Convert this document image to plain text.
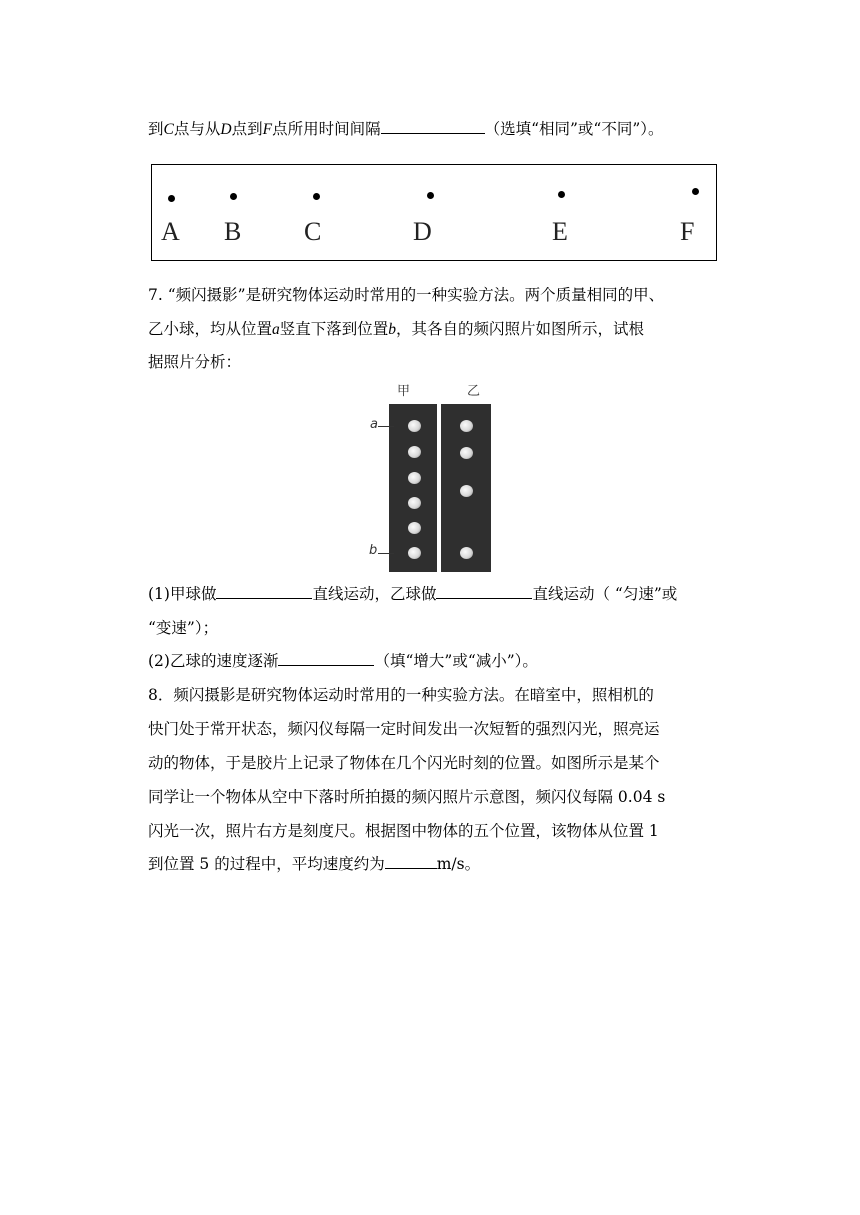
到C点与从D点到F点所用时间间隔	（选填“相同”或“不同”）。
A B C	D	E	F
7. “频闪摄影”是研究物体运动时常用的一种实验方法。两个质量相同的甲、
乙小球，均从位置a竖直下落到位置b，其各自的频闪照片如图所示，试根
据照片分析：
甲	乙
a
b
(1)甲球做	直线运动，乙球做	直线运动（ “匀速”或
“变速”）；
(2)乙球的速度逐渐	（填“增大”或“减小”）。
8．频闪摄影是研究物体运动时常用的一种实验方法。在暗室中，照相机的
快门处于常开状态，频闪仪每隔一定时间发出一次短暂的强烈闪光，照亮运
动的物体，于是胶片上记录了物体在几个闪光时刻的位置。如图所示是某个
同学让一个物体从空中下落时所拍摄的频闪照片示意图，频闪仪每隔 0.04 s
闪光一次，照片右方是刻度尺。根据图中物体的五个位置，该物体从位置 1
到位置 5 的过程中，平均速度约为	m/s。
